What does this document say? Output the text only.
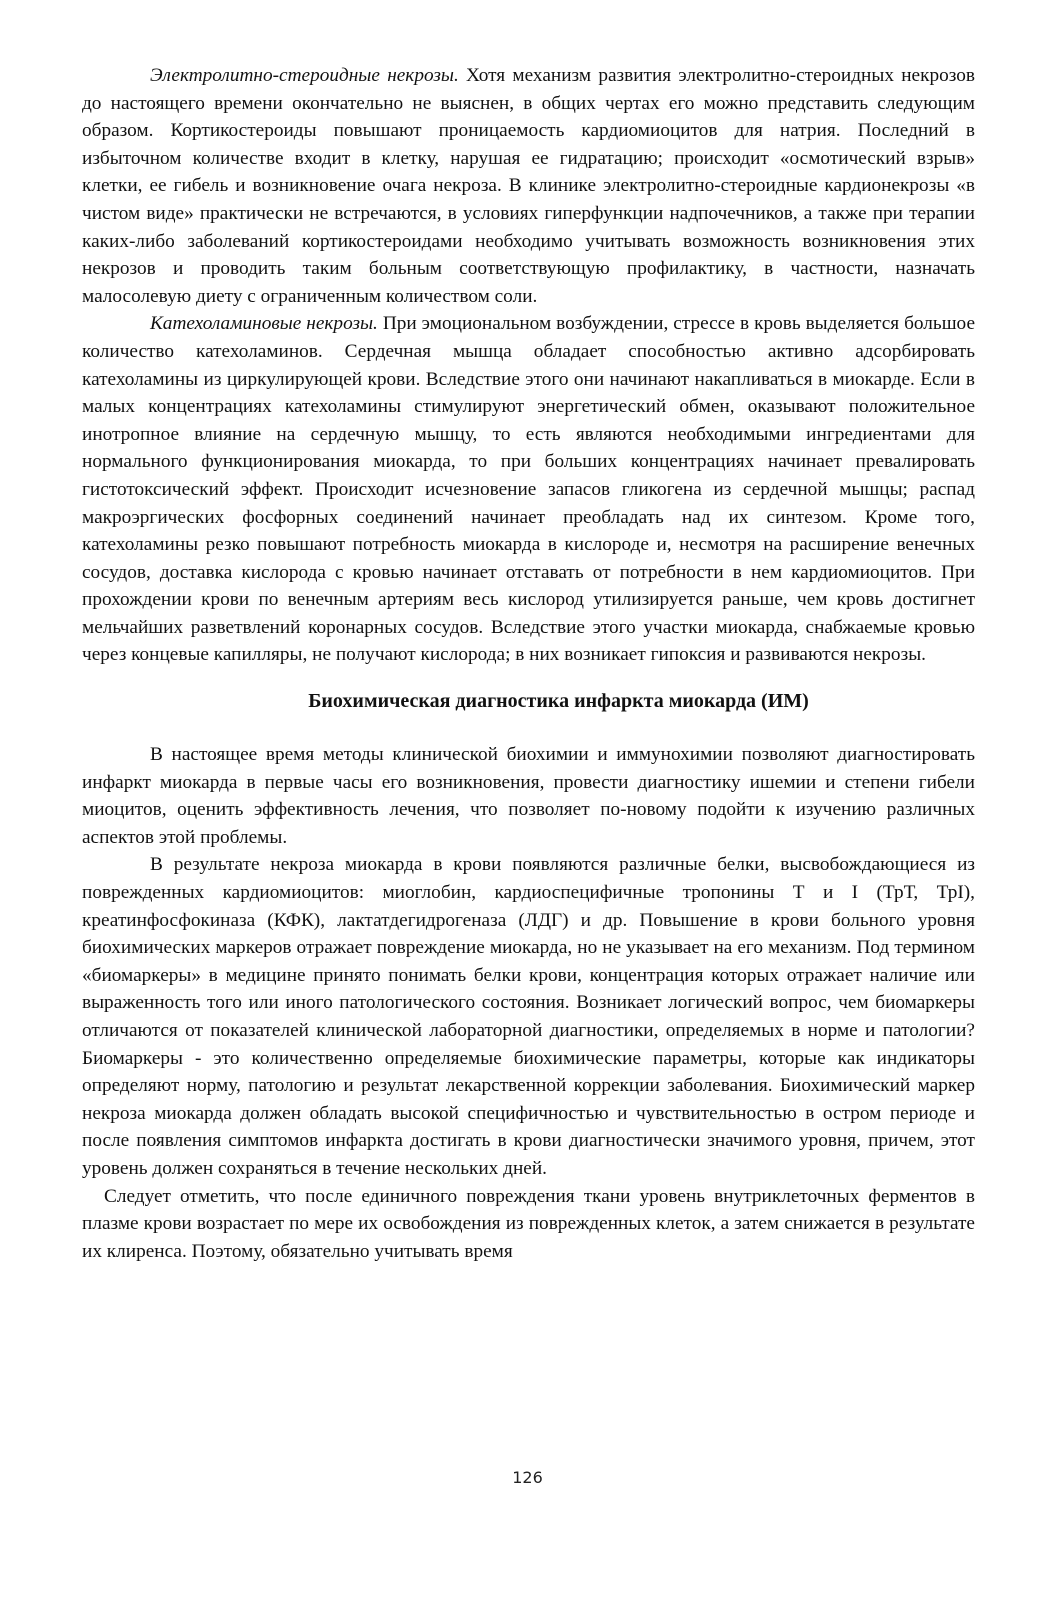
Электролитно-стероидные некрозы. Хотя механизм развития электролитно-стероидных некрозов до настоящего времени окончательно не выяснен, в общих чертах его можно представить следующим образом. Кортикостероиды повышают проницаемость кардиомиоцитов для натрия. Последний в избыточном количестве входит в клетку, нарушая ее гидратацию; происходит «осмотический взрыв» клетки, ее гибель и возникновение очага некроза. В клинике электролитно-стероидные кардионекрозы «в чистом виде» практически не встречаются, в условиях гиперфункции надпочечников, а также при терапии каких-либо заболеваний кортикостероидами необходимо учитывать возможность возникновения этих некрозов и проводить таким больным соответствующую профилактику, в частности, назначать малосолевую диету с ограниченным количеством соли.

Катехоламиновые некрозы. При эмоциональном возбуждении, стрессе в кровь выделяется большое количество катехоламинов. Сердечная мышца обладает способностью активно адсорбировать катехоламины из циркулирующей крови. Вследствие этого они начинают накапливаться в миокарде. Если в малых концентрациях катехоламины стимулируют энергетический обмен, оказывают положительное инотропное влияние на сердечную мышцу, то есть являются необходимыми ингредиентами для нормального функционирования миокарда, то при больших концентрациях начинает превалировать гистотоксический эффект. Происходит исчезновение запасов гликогена из сердечной мышцы; распад макроэргических фосфорных соединений начинает преобладать над их синтезом. Кроме того, катехоламины резко повышают потребность миокарда в кислороде и, несмотря на расширение венечных сосудов, доставка кислорода с кровью начинает отставать от потребности в нем кардиомиоцитов. При прохождении крови по венечным артериям весь кислород утилизируется раньше, чем кровь достигнет мельчайших разветвлений коронарных сосудов. Вследствие этого участки миокарда, снабжаемые кровью через концевые капилляры, не получают кислорода; в них возникает гипоксия и развиваются некрозы.

Биохимическая диагностика инфаркта миокарда (ИМ)

В настоящее время методы клинической биохимии и иммунохимии позволяют диагностировать инфаркт миокарда в первые часы его возникновения, провести диагностику ишемии и степени гибели миоцитов, оценить эффективность лечения, что позволяет по-новому подойти к изучению различных аспектов этой проблемы.

В результате некроза миокарда в крови появляются различные белки, высвобождающиеся из поврежденных кардиомиоцитов: миоглобин, кардиоспецифичные тропонины Т и I (ТрТ, ТрI), креатинфосфокиназа (КФК), лактатдегидрогеназа (ЛДГ) и др. Повышение в крови больного уровня биохимических маркеров отражает повреждение миокарда, но не указывает на его механизм. Под термином «биомаркеры» в медицине принято понимать белки крови, концентрация которых отражает наличие или выраженность того или иного патологического состояния. Возникает логический вопрос, чем биомаркеры отличаются от показателей клинической лабораторной диагностики, определяемых в норме и патологии? Биомаркеры - это количественно определяемые биохимические параметры, которые как индикаторы определяют норму, патологию и результат лекарственной коррекции заболевания. Биохимический маркер некроза миокарда должен обладать высокой специфичностью и чувствительностью в остром периоде и после появления симптомов инфаркта достигать в крови диагностически значимого уровня, причем, этот уровень должен сохраняться в течение нескольких дней.

Следует отметить, что после единичного повреждения ткани уровень внутриклеточных ферментов в плазме крови возрастает по мере их освобождения из поврежденных клеток, а затем снижается в результате их клиренса. Поэтому, обязательно учитывать время

126
